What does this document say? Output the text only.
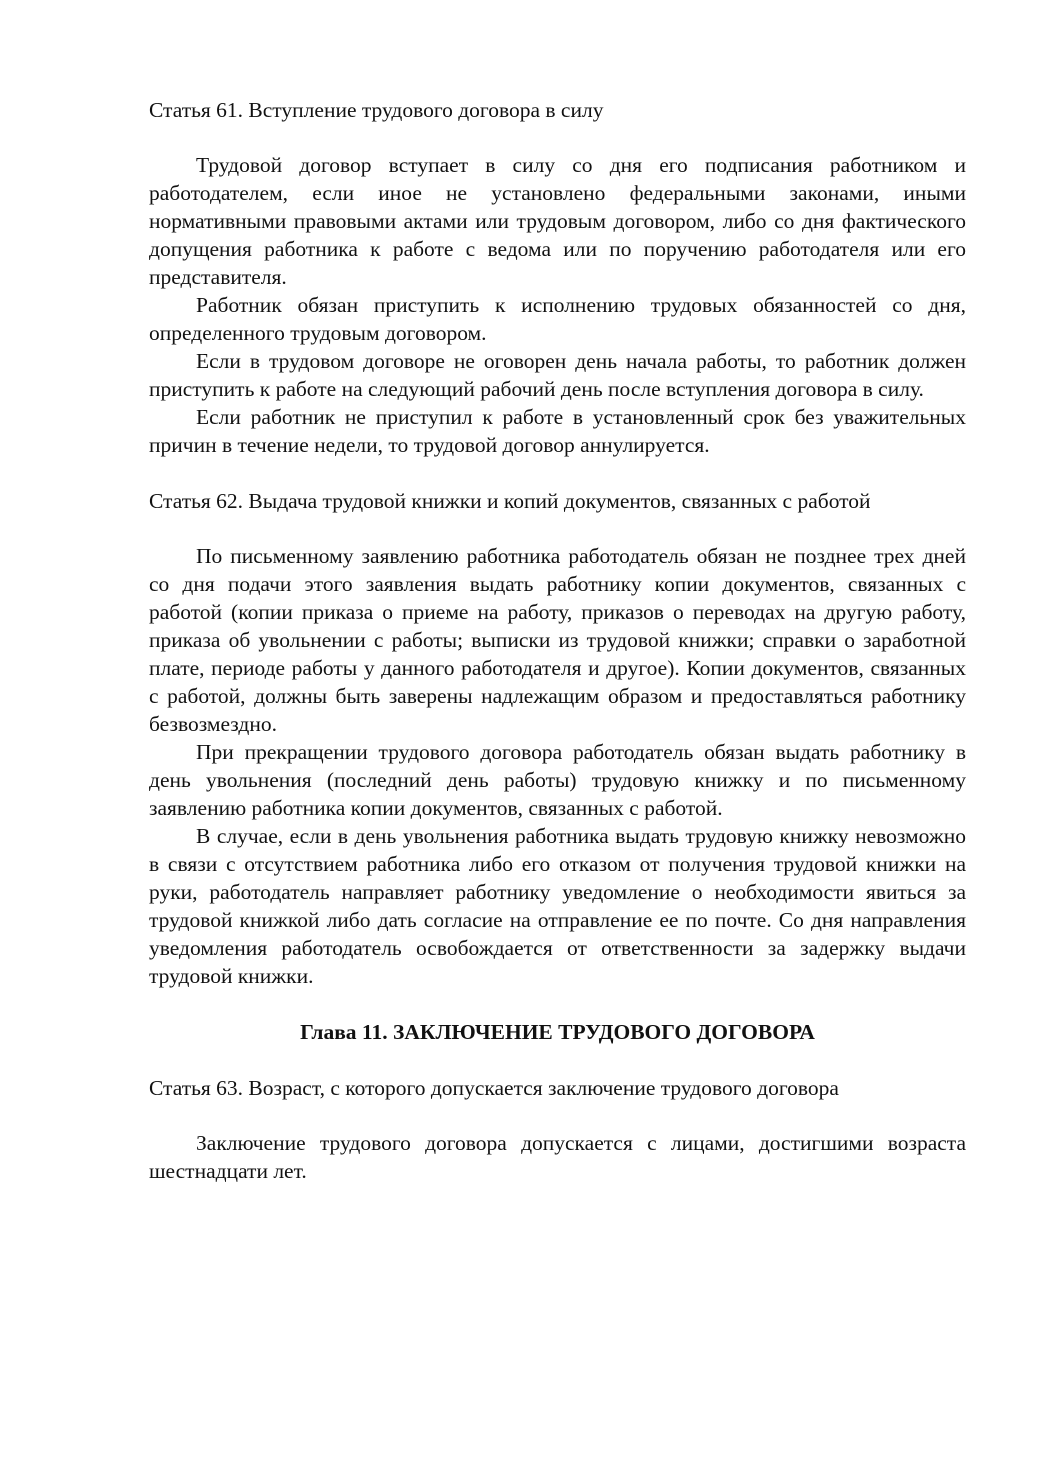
Статья 61. Вступление трудового договора в силу

Трудовой договор вступает в силу со дня его подписания работником и работодателем, если иное не установлено федеральными законами, иными нормативными правовыми актами или трудовым договором, либо со дня фактического допущения работника к работе с ведома или по поручению работодателя или его представителя.

Работник обязан приступить к исполнению трудовых обязанностей со дня, определенного трудовым договором.

Если в трудовом договоре не оговорен день начала работы, то работник должен приступить к работе на следующий рабочий день после вступления договора в силу.

Если работник не приступил к работе в установленный срок без уважительных причин в течение недели, то трудовой договор аннулируется.

Статья 62. Выдача трудовой книжки и копий документов, связанных с работой

По письменному заявлению работника работодатель обязан не позднее трех дней со дня подачи этого заявления выдать работнику копии документов, связанных с работой (копии приказа о приеме на работу, приказов о переводах на другую работу, приказа об увольнении с работы; выписки из трудовой книжки; справки о заработной плате, периоде работы у данного работодателя и другое). Копии документов, связанных с работой, должны быть заверены надлежащим образом и предоставляться работнику безвозмездно.

При прекращении трудового договора работодатель обязан выдать работнику в день увольнения (последний день работы) трудовую книжку и по письменному заявлению работника копии документов, связанных с работой.

В случае, если в день увольнения работника выдать трудовую книжку невозможно в связи с отсутствием работника либо его отказом от получения трудовой книжки на руки, работодатель направляет работнику уведомление о необходимости явиться за трудовой книжкой либо дать согласие на отправление ее по почте. Со дня направления уведомления работодатель освобождается от ответственности за задержку выдачи трудовой книжки.

Глава 11. ЗАКЛЮЧЕНИЕ ТРУДОВОГО ДОГОВОРА

Статья 63. Возраст, с которого допускается заключение трудового договора

Заключение трудового договора допускается с лицами, достигшими возраста шестнадцати лет.
